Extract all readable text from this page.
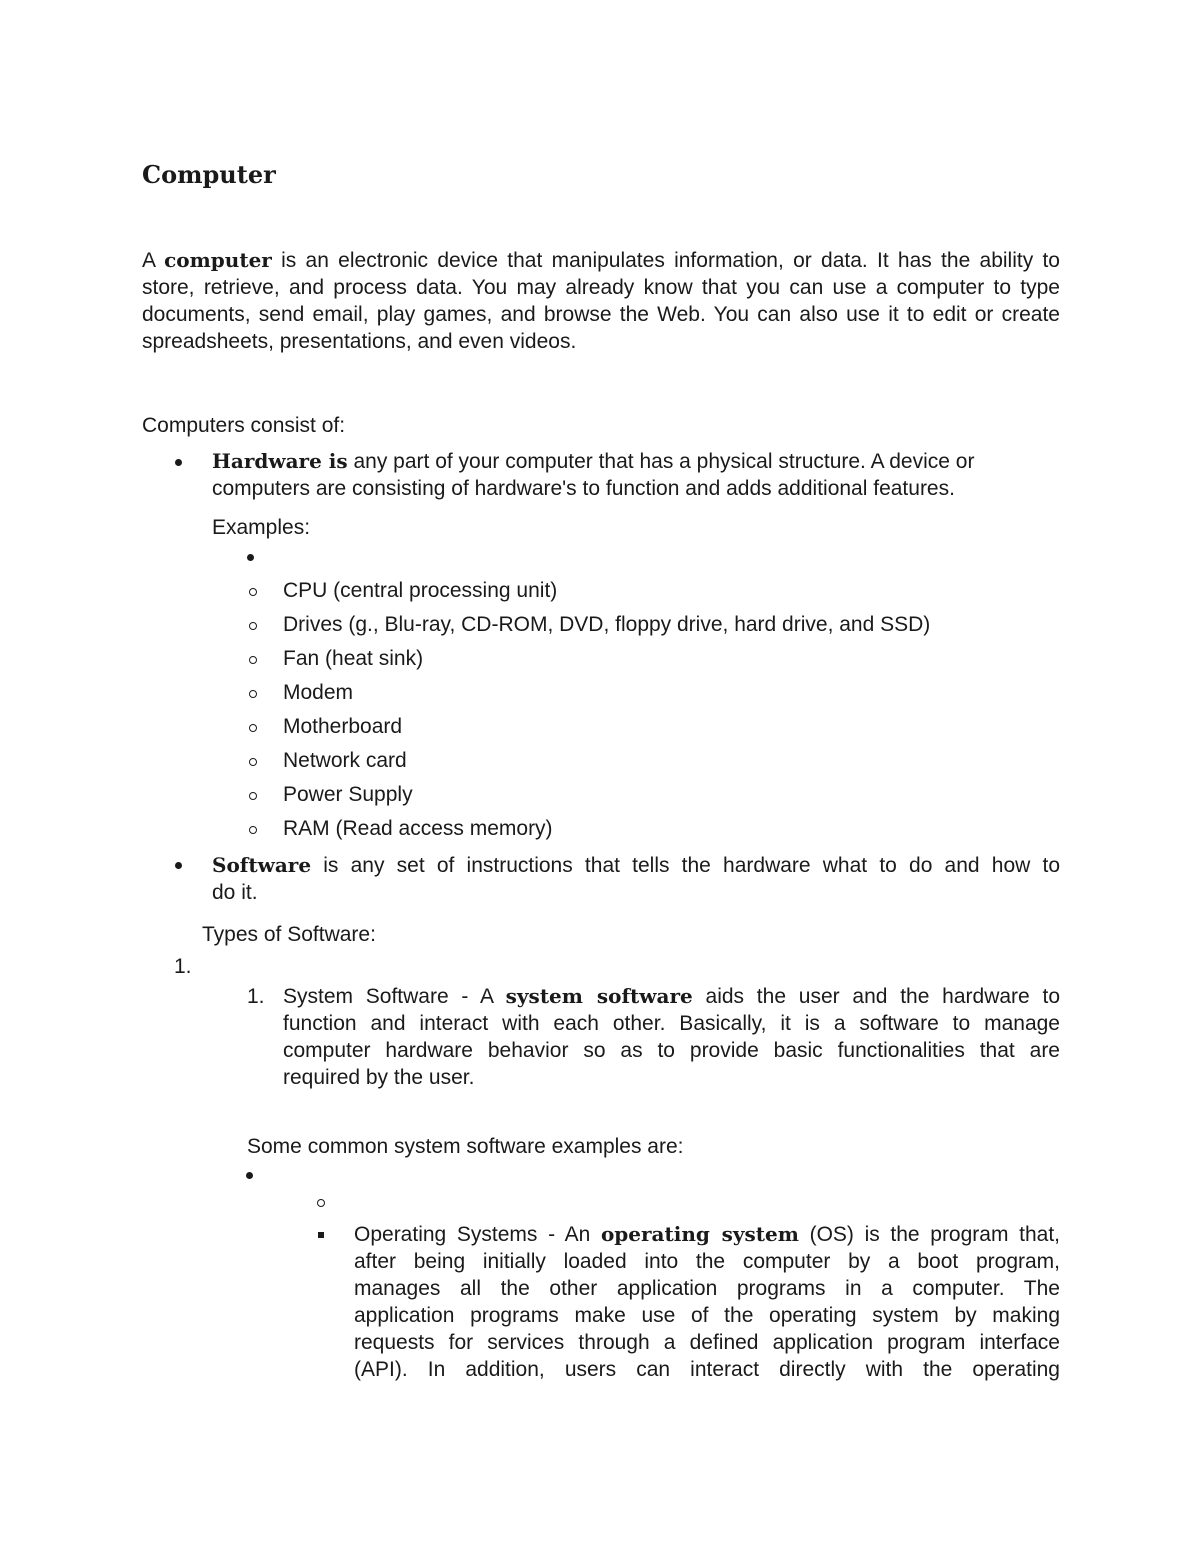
Computer
A computer is an electronic device that manipulates information, or data. It has the ability to store, retrieve, and process data. You may already know that you can use a computer to type documents, send email, play games, and browse the Web. You can also use it to edit or create spreadsheets, presentations, and even videos.
Computers consist of:
Hardware is any part of your computer that has a physical structure. A device or
computers are consisting of hardware's to function and adds additional features.
Examples:
CPU (central processing unit)
Drives (g., Blu-ray, CD-ROM, DVD, floppy drive, hard drive, and SSD)
Fan (heat sink)
Modem
Motherboard
Network card
Power Supply
RAM (Read access memory)
Software is any set of instructions that tells the hardware what to do and how to
do it.
Types of Software:
1.
1. System Software - A system software aids the user and the hardware to
function and interact with each other. Basically, it is a software to manage
computer hardware behavior so as to provide basic functionalities that are
required by the user.
Some common system software examples are:
Operating Systems - An operating system (OS) is the program that,
after being initially loaded into the computer by a boot program,
manages all the other application programs in a computer. The
application programs make use of the operating system by making
requests for services through a defined application program interface
(API). In addition, users can interact directly with the operating
